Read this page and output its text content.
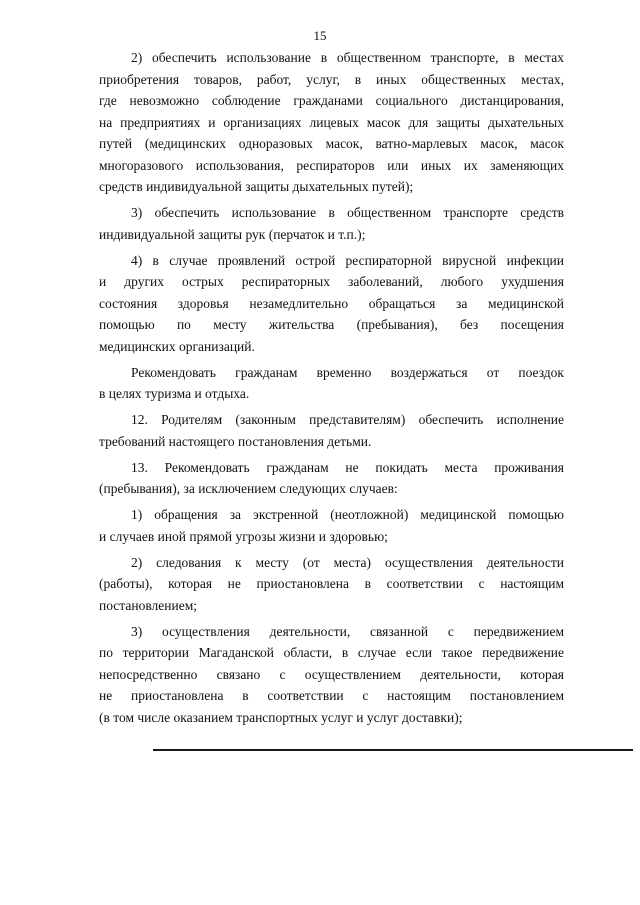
15

2) обеспечить использование в общественном транспорте, в местах
приобретения товаров, работ, услуг, в иных общественных местах,
где невозможно соблюдение гражданами социального дистанцирования,
на предприятиях и организациях лицевых масок для защиты дыхательных
путей (медицинских одноразовых масок, ватно-марлевых масок, масок
многоразового использования, респираторов или иных их заменяющих
средств индивидуальной защиты дыхательных путей);

3) обеспечить использование в общественном транспорте средств
индивидуальной защиты рук (перчаток и т.п.);

4) в случае проявлений острой респираторной вирусной инфекции
и других острых респираторных заболеваний, любого ухудшения
состояния здоровья незамедлительно обращаться за медицинской
помощью по месту жительства (пребывания), без посещения
медицинских организаций.

Рекомендовать гражданам временно воздержаться от поездок
в целях туризма и отдыха.

12. Родителям (законным представителям) обеспечить исполнение
требований настоящего постановления детьми.

13. Рекомендовать гражданам не покидать места проживания
(пребывания), за исключением следующих случаев:

1) обращения за экстренной (неотложной) медицинской помощью
и случаев иной прямой угрозы жизни и здоровью;

2) следования к месту (от места) осуществления деятельности
(работы), которая не приостановлена в соответствии с настоящим
постановлением;

3) осуществления деятельности, связанной с передвижением
по территории Магаданской области, в случае если такое передвижение
непосредственно связано с осуществлением деятельности, которая
не приостановлена в соответствии с настоящим постановлением
(в том числе оказанием транспортных услуг и услуг доставки);
